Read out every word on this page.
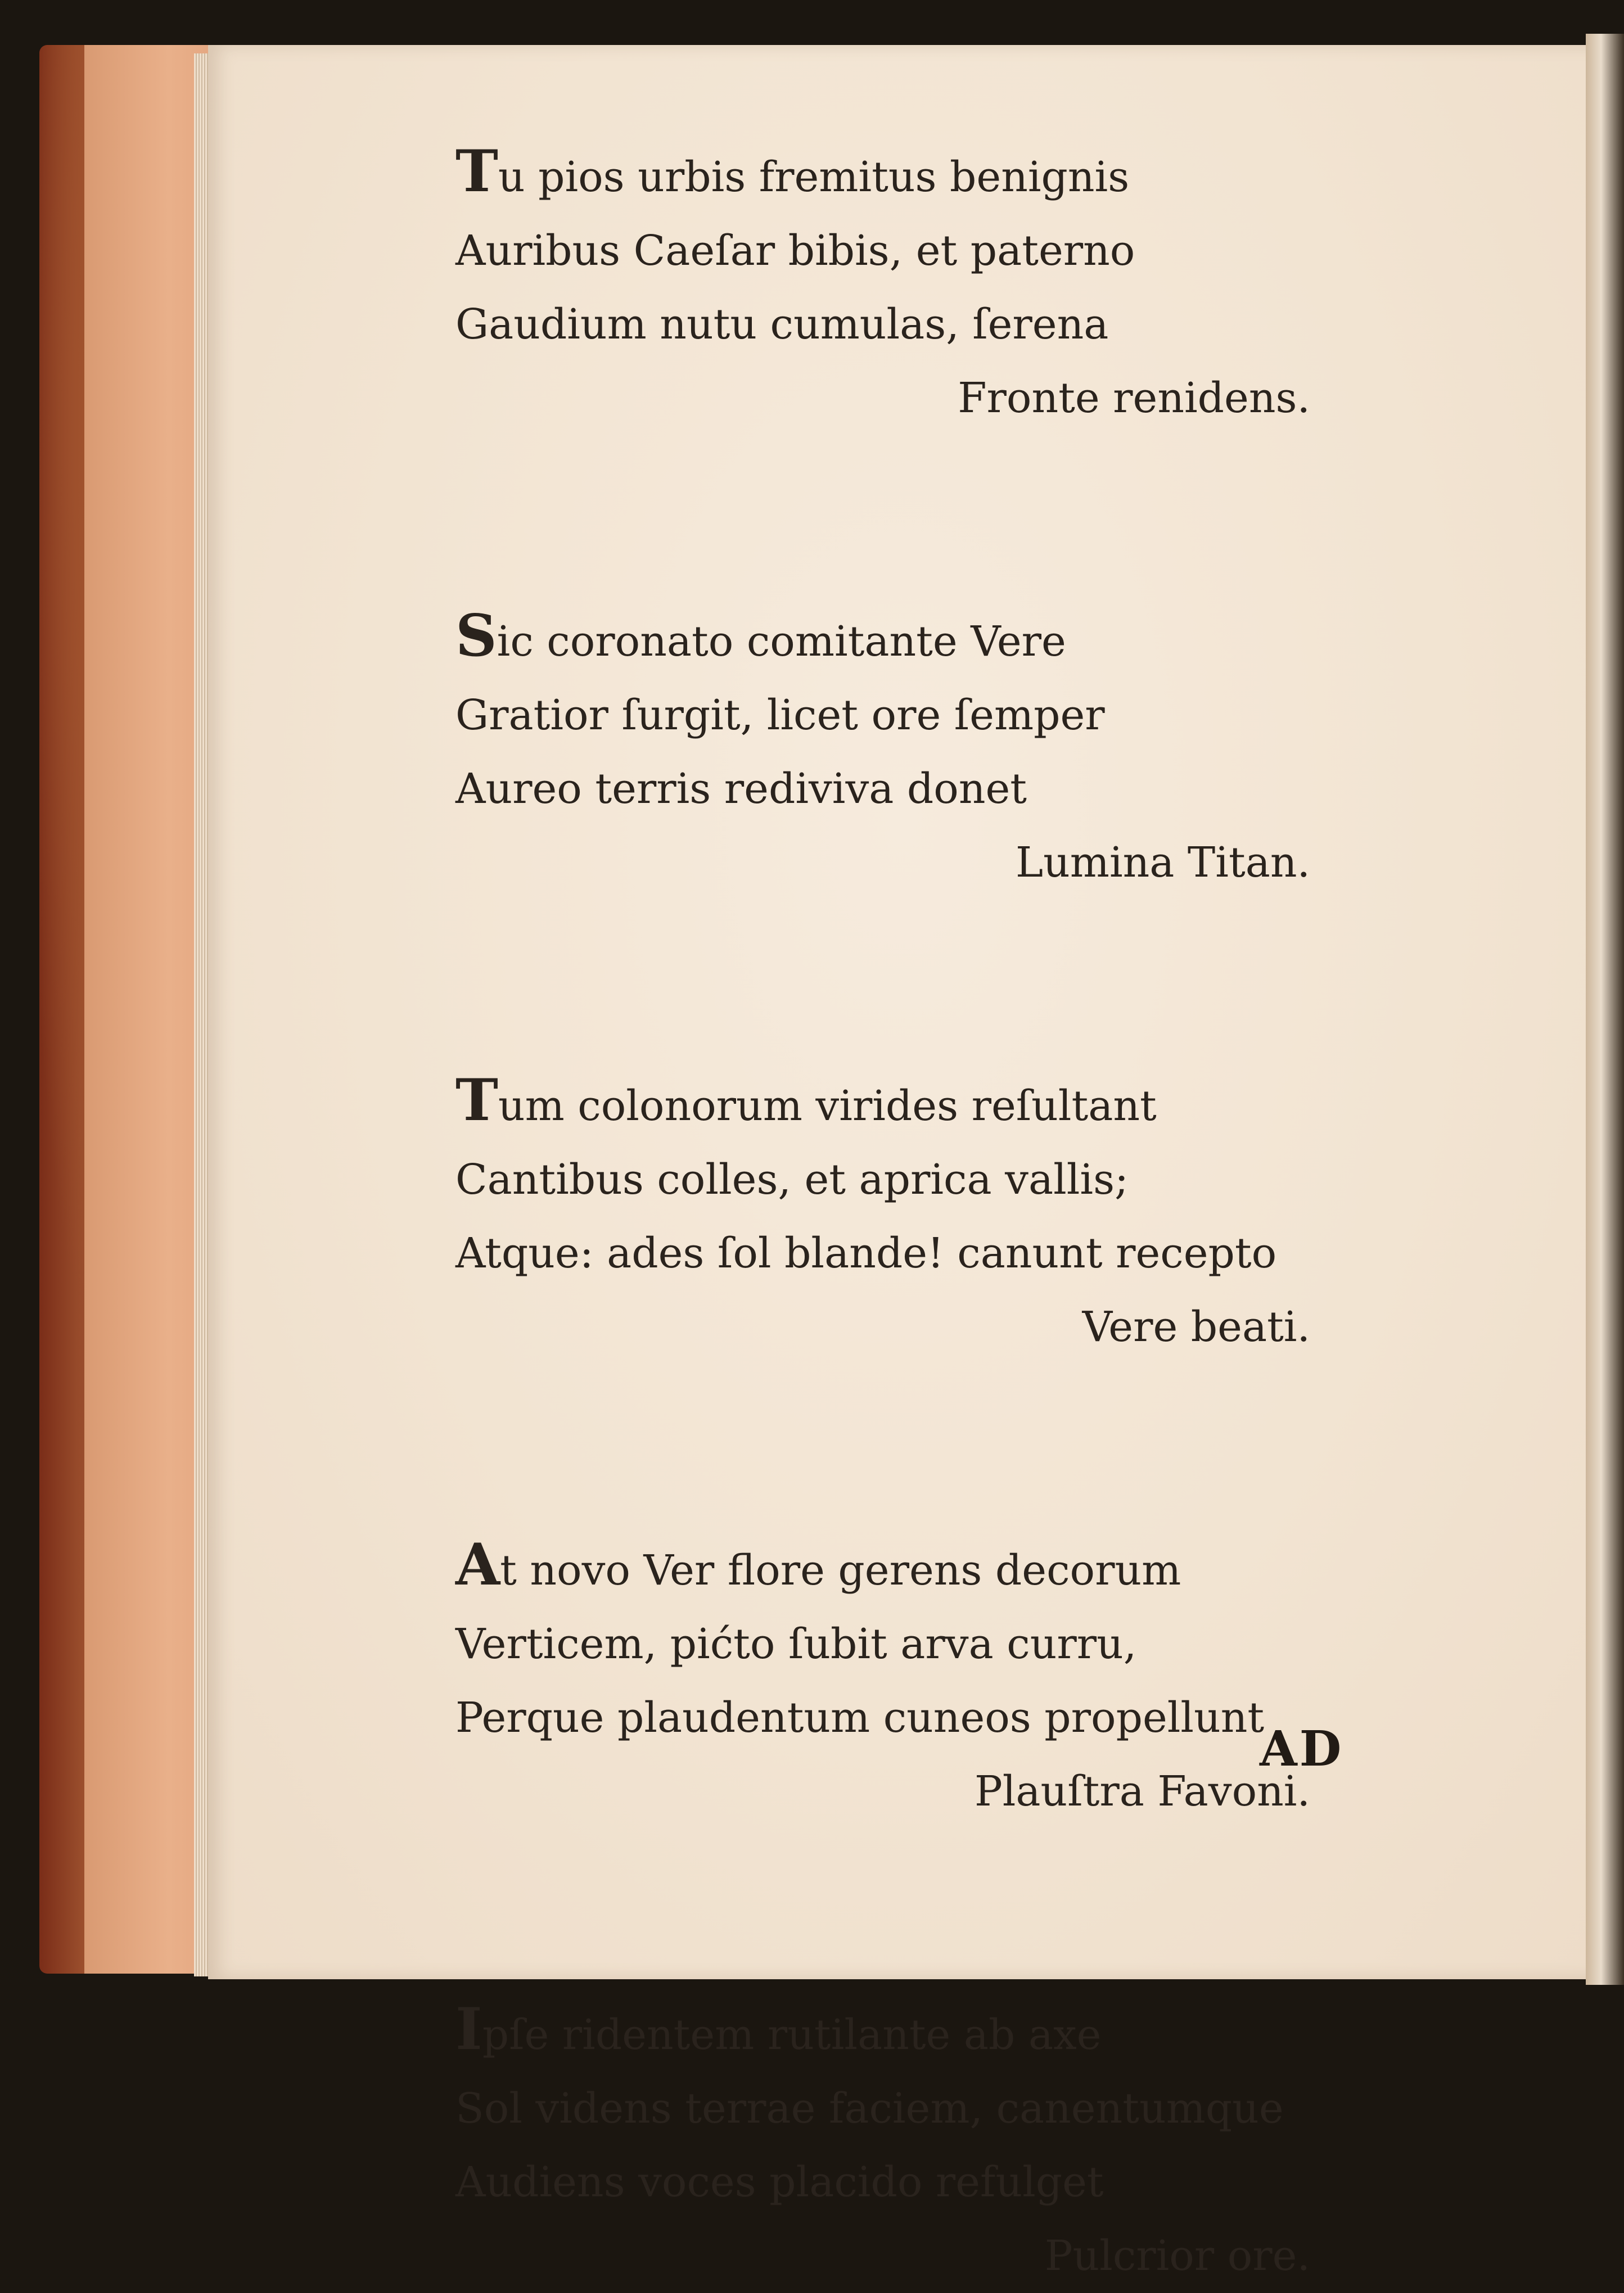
Tu pios urbis fremitus benignis
Auribus Caeſar bibis, et paterno
Gaudium nutu cumulas, ſerena
Fronte renidens.
Sic coronato comitante Vere
Gratior ſurgit, licet ore ſemper
Aureo terris rediviva donet
Lumina Titan.
Tum colonorum virides reſultant
Cantibus colles, et aprica vallis;
Atque: ades ſol blande! canunt recepto
Vere beati.
At novo Ver flore gerens decorum
Verticem, pićto ſubit arva curru,
Perque plaudentum cuneos propellunt
Plauſtra Favoni.
Ipſe ridentem rutilante ab axe
Sol videns terrae faciem, canentumque
Audiens voces placido refulget
Pulcrior ore.
AD
